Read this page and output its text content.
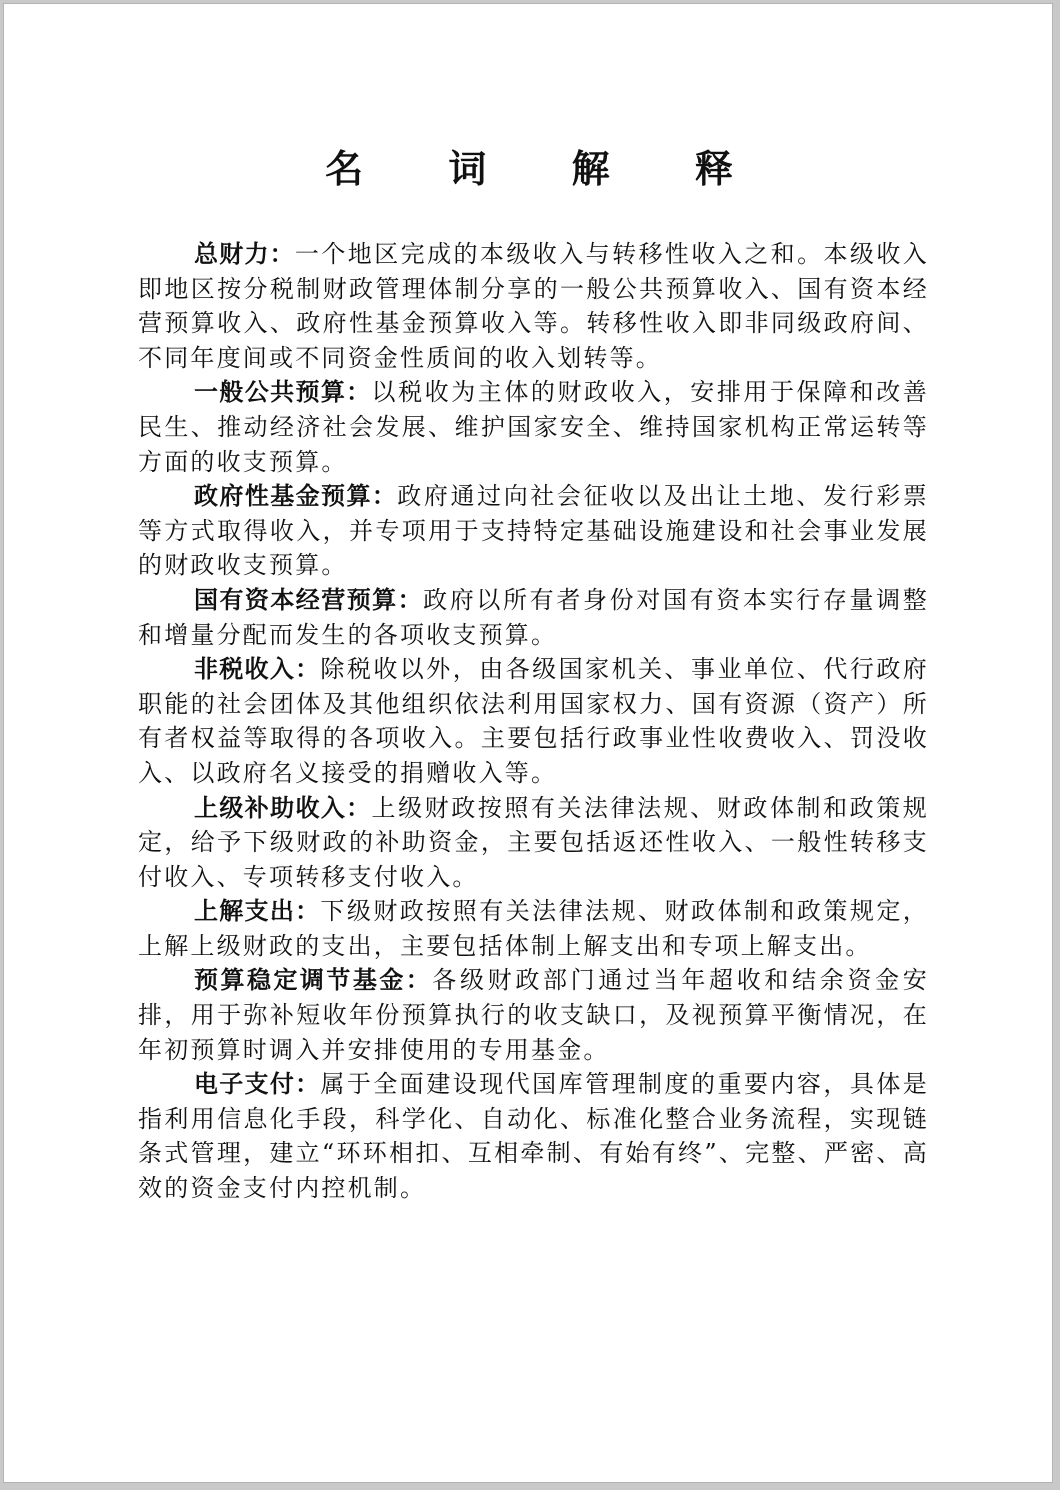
名 词 解 释

总财力：一个地区完成的本级收入与转移性收入之和。本级收入即地区按分税制财政管理体制分享的一般公共预算收入、国有资本经营预算收入、政府性基金预算收入等。转移性收入即非同级政府间、不同年度间或不同资金性质间的收入划转等。

一般公共预算：以税收为主体的财政收入，安排用于保障和改善民生、推动经济社会发展、维护国家安全、维持国家机构正常运转等方面的收支预算。

政府性基金预算：政府通过向社会征收以及出让土地、发行彩票等方式取得收入，并专项用于支持特定基础设施建设和社会事业发展的财政收支预算。

国有资本经营预算：政府以所有者身份对国有资本实行存量调整和增量分配而发生的各项收支预算。

非税收入：除税收以外，由各级国家机关、事业单位、代行政府职能的社会团体及其他组织依法利用国家权力、国有资源（资产）所有者权益等取得的各项收入。主要包括行政事业性收费收入、罚没收入、以政府名义接受的捐赠收入等。

上级补助收入：上级财政按照有关法律法规、财政体制和政策规定，给予下级财政的补助资金，主要包括返还性收入、一般性转移支付收入、专项转移支付收入。

上解支出：下级财政按照有关法律法规、财政体制和政策规定，上解上级财政的支出，主要包括体制上解支出和专项上解支出。

预算稳定调节基金：各级财政部门通过当年超收和结余资金安排，用于弥补短收年份预算执行的收支缺口，及视预算平衡情况，在年初预算时调入并安排使用的专用基金。

电子支付：属于全面建设现代国库管理制度的重要内容，具体是指利用信息化手段，科学化、自动化、标准化整合业务流程，实现链条式管理，建立“环环相扣、互相牵制、有始有终”、完整、严密、高效的资金支付内控机制。
